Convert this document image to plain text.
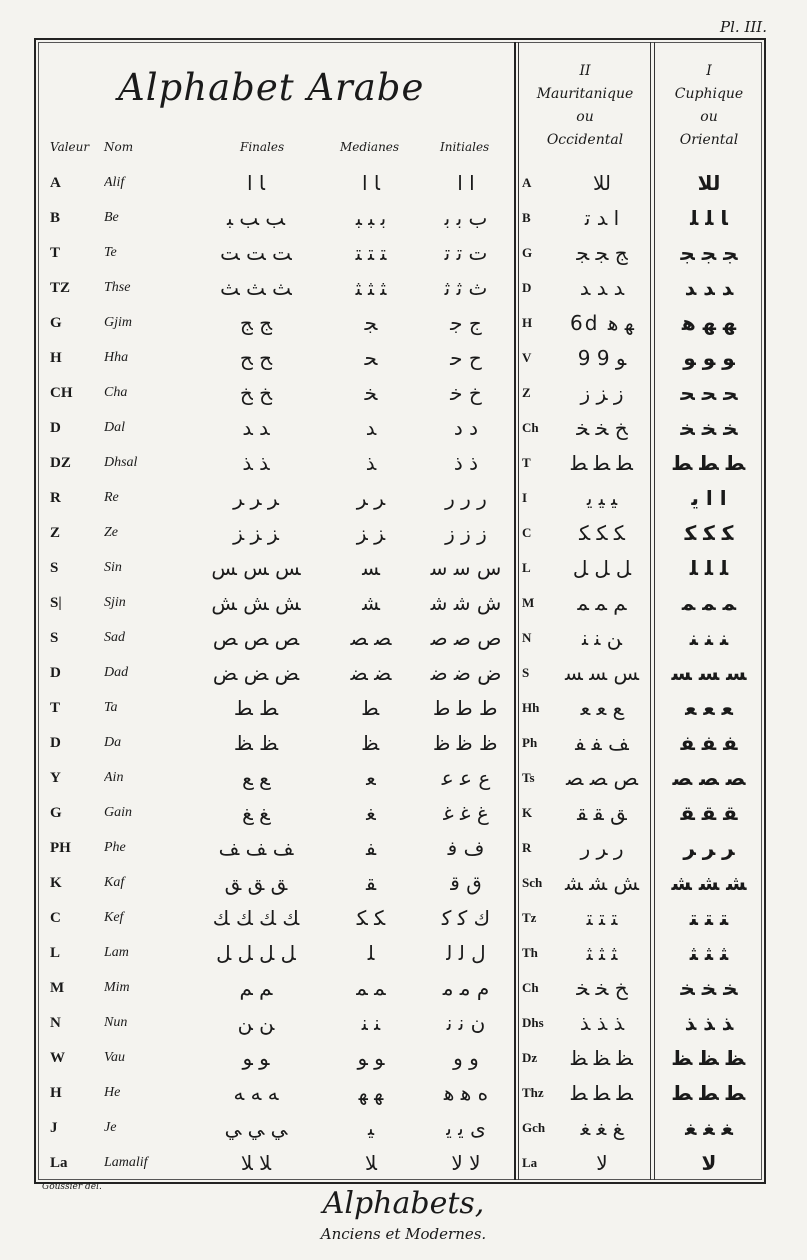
Pl. III.
Alphabet Arabe
Valeur Nom	Finales	Medianes	Initiales
II
Mauritanique
ou
Occidental
I
Cuphique
ou
Oriental
A	Alif	ﺎ ﺍ	ﺎ ﺍ	ﺍ ﺍ	A	ﻟﻠﺎ	ﻟﻠﺎ
B	Be	ﺐ ﺐ ﺒ	ﺑ ﺒ ﺒ	ﺏ ﺑ ﺑ	B	ﺍ ﺪ ﺗ	ﺎ ﻠ ﻠ
T	Te	ﺖ ﺖ ﺖ	ﺘ ﺘ ﺘ	ﺕ ﺗ ﺗ	G	ﺞ ﺠ ﺠ	ﺠ ﺠ ﺠ
TZ	Thse	ﺚ ﺚ ﺚ	ﺜ ﺜ ﺜ	ﺙ ﺛ ﺛ	D	ﺪ ﺪ ﺪ	ﺪ ﺪ ﺪ
G	Gjim	ﺞ ﺞ	ﺠ	ﺝ ﺟ	H	6d ﻬ ﻫ	ﻬ ﻬ ﻫ
H	Hha	ﺢ ﺢ	ﺤ	ﺡ ﺣ	V	9 ﻮ 9	ﻮ ﻮ ﻮ
CH	Cha	ﺦ ﺦ	ﺨ	ﺥ ﺧ	Z	ﺯ ﺰ ﺯ	ﺤ ﺤ ﺤ
D	Dal	ﺪ ﺪ	ﺪ	ﺩ ﺩ	Ch	ﺦ ﺨ ﺨ	ﺨ ﺨ ﺨ
DZ	Dhsal	ﺬ ﺬ	ﺬ	ﺫ ﺫ	T	ﻄ ﻄ ﻄ	ﻄ ﻄ ﻄ
R	Re	ﺮ ﺮ ﺮ	ﺮ ﺮ	ﺭ ﺭ ﺭ	I	ﻴ ﻴ ﻳ	ﺍ ﺍ ﻳ
Z	Ze	ﺰ ﺰ ﺰ	ﺰ ﺰ	ﺯ ﺯ ﺯ	C	ﻜ ﻜ ﻜ	ﻜ ﻜ ﻜ
S	Sin	ﺲ ﺲ ﺲ	ﺴ	ﺱ ﺳ ﺳ	L	ﻞ ﻞ ﻞ	ﻠ ﻠ ﻠ
S|	Sjin	ﺶ ﺶ ﺶ	ﺸ	ﺵ ﺷ ﺷ	M	ﻢ ﻤ ﻤ	ﻤ ﻤ ﻤ
S	Sad	ﺺ ﺺ ﺺ	ﺼ ﺼ	ﺹ ﺻ ﺻ	N	ﻦ ﻨ ﻨ	ﻨ ﻨ ﻨ
D	Dad	ﺾ ﺾ ﺾ	ﻀ ﻀ	ﺽ ﺿ ﺿ	S	ﺲ ﺴ ﺴ	ﺴ ﺴ ﺴ
T	Ta	ﻂ ﻂ	ﻄ	ﻁ ﻃ ﻃ	Hh	ﻊ ﻌ ﻌ	ﻌ ﻌ ﻌ
D	Da	ﻆ ﻆ	ﻈ	ﻅ ﻇ ﻇ	Ph	ﻒ ﻔ ﻔ	ﻔ ﻔ ﻔ
Y	Ain	ﻊ ﻊ	ﻌ	ﻉ ﻋ ﻋ	Ts	ﺺ ﺼ ﺼ	ﺼ ﺼ ﺼ
G	Gain	ﻎ ﻎ	ﻐ	ﻍ ﻏ ﻏ	K	ﻖ ﻘ ﻘ	ﻘ ﻘ ﻘ
PH	Phe	ﻒ ﻒ ﻒ	ﻔ	ﻑ ﻓ	R	ﺭ ﺮ ﺭ	ﺮ ﺮ ﺮ
K	Kaf	ﻖ ﻖ ﻖ	ﻘ	ﻕ ﻗ	Sch	ﺶ ﺸ ﺸ	ﺸ ﺸ ﺸ
C	Kef	ﻚ ﻚ ﻚ ﻚ	ﻜ ﻜ	ﻙ ﻛ ﻛ	Tz	ﺘ ﺘ ﺘ	ﺘ ﺘ ﺘ
L	Lam	ﻞ ﻞ ﻞ ﻞ	ﻠ	ﻝ ﻟ ﻟ	Th	ﺜ ﺜ ﺜ	ﺜ ﺜ ﺜ
M	Mim	ﻢ ﻢ	ﻤ ﻤ	ﻡ ﻣ ﻣ	Ch	ﺦ ﺨ ﺨ	ﺨ ﺨ ﺨ
N	Nun	ﻦ ﻦ	ﻨ ﻨ	ﻥ ﻧ ﻧ	Dhs	ﺬ ﺬ ﺬ	ﺬ ﺬ ﺬ
W	Vau	ﻮ ﻮ	ﻮ ﻮ	ﻭ ﻭ	Dz	ﻈ ﻈ ﻈ	ﻈ ﻈ ﻈ
H	He	ﻪ ﻪ ﻪ	ﻬ ﻬ	ﻩ ﻫ ﻫ	Thz	ﻄ ﻄ ﻄ	ﻄ ﻄ ﻄ
J	Je	ﻲ ﻲ ﻲ	ﻴ	ﻯ ﻳ ﻳ	Gch	ﻎ ﻐ ﻐ	ﻐ ﻐ ﻐ
La	Lamalif	ﻼ ﻼ	ﻼ	ﻻ ﻻ	La	ﻻ	ﻻ
Goussier del.	Alphabets,
Anciens et Modernes.
